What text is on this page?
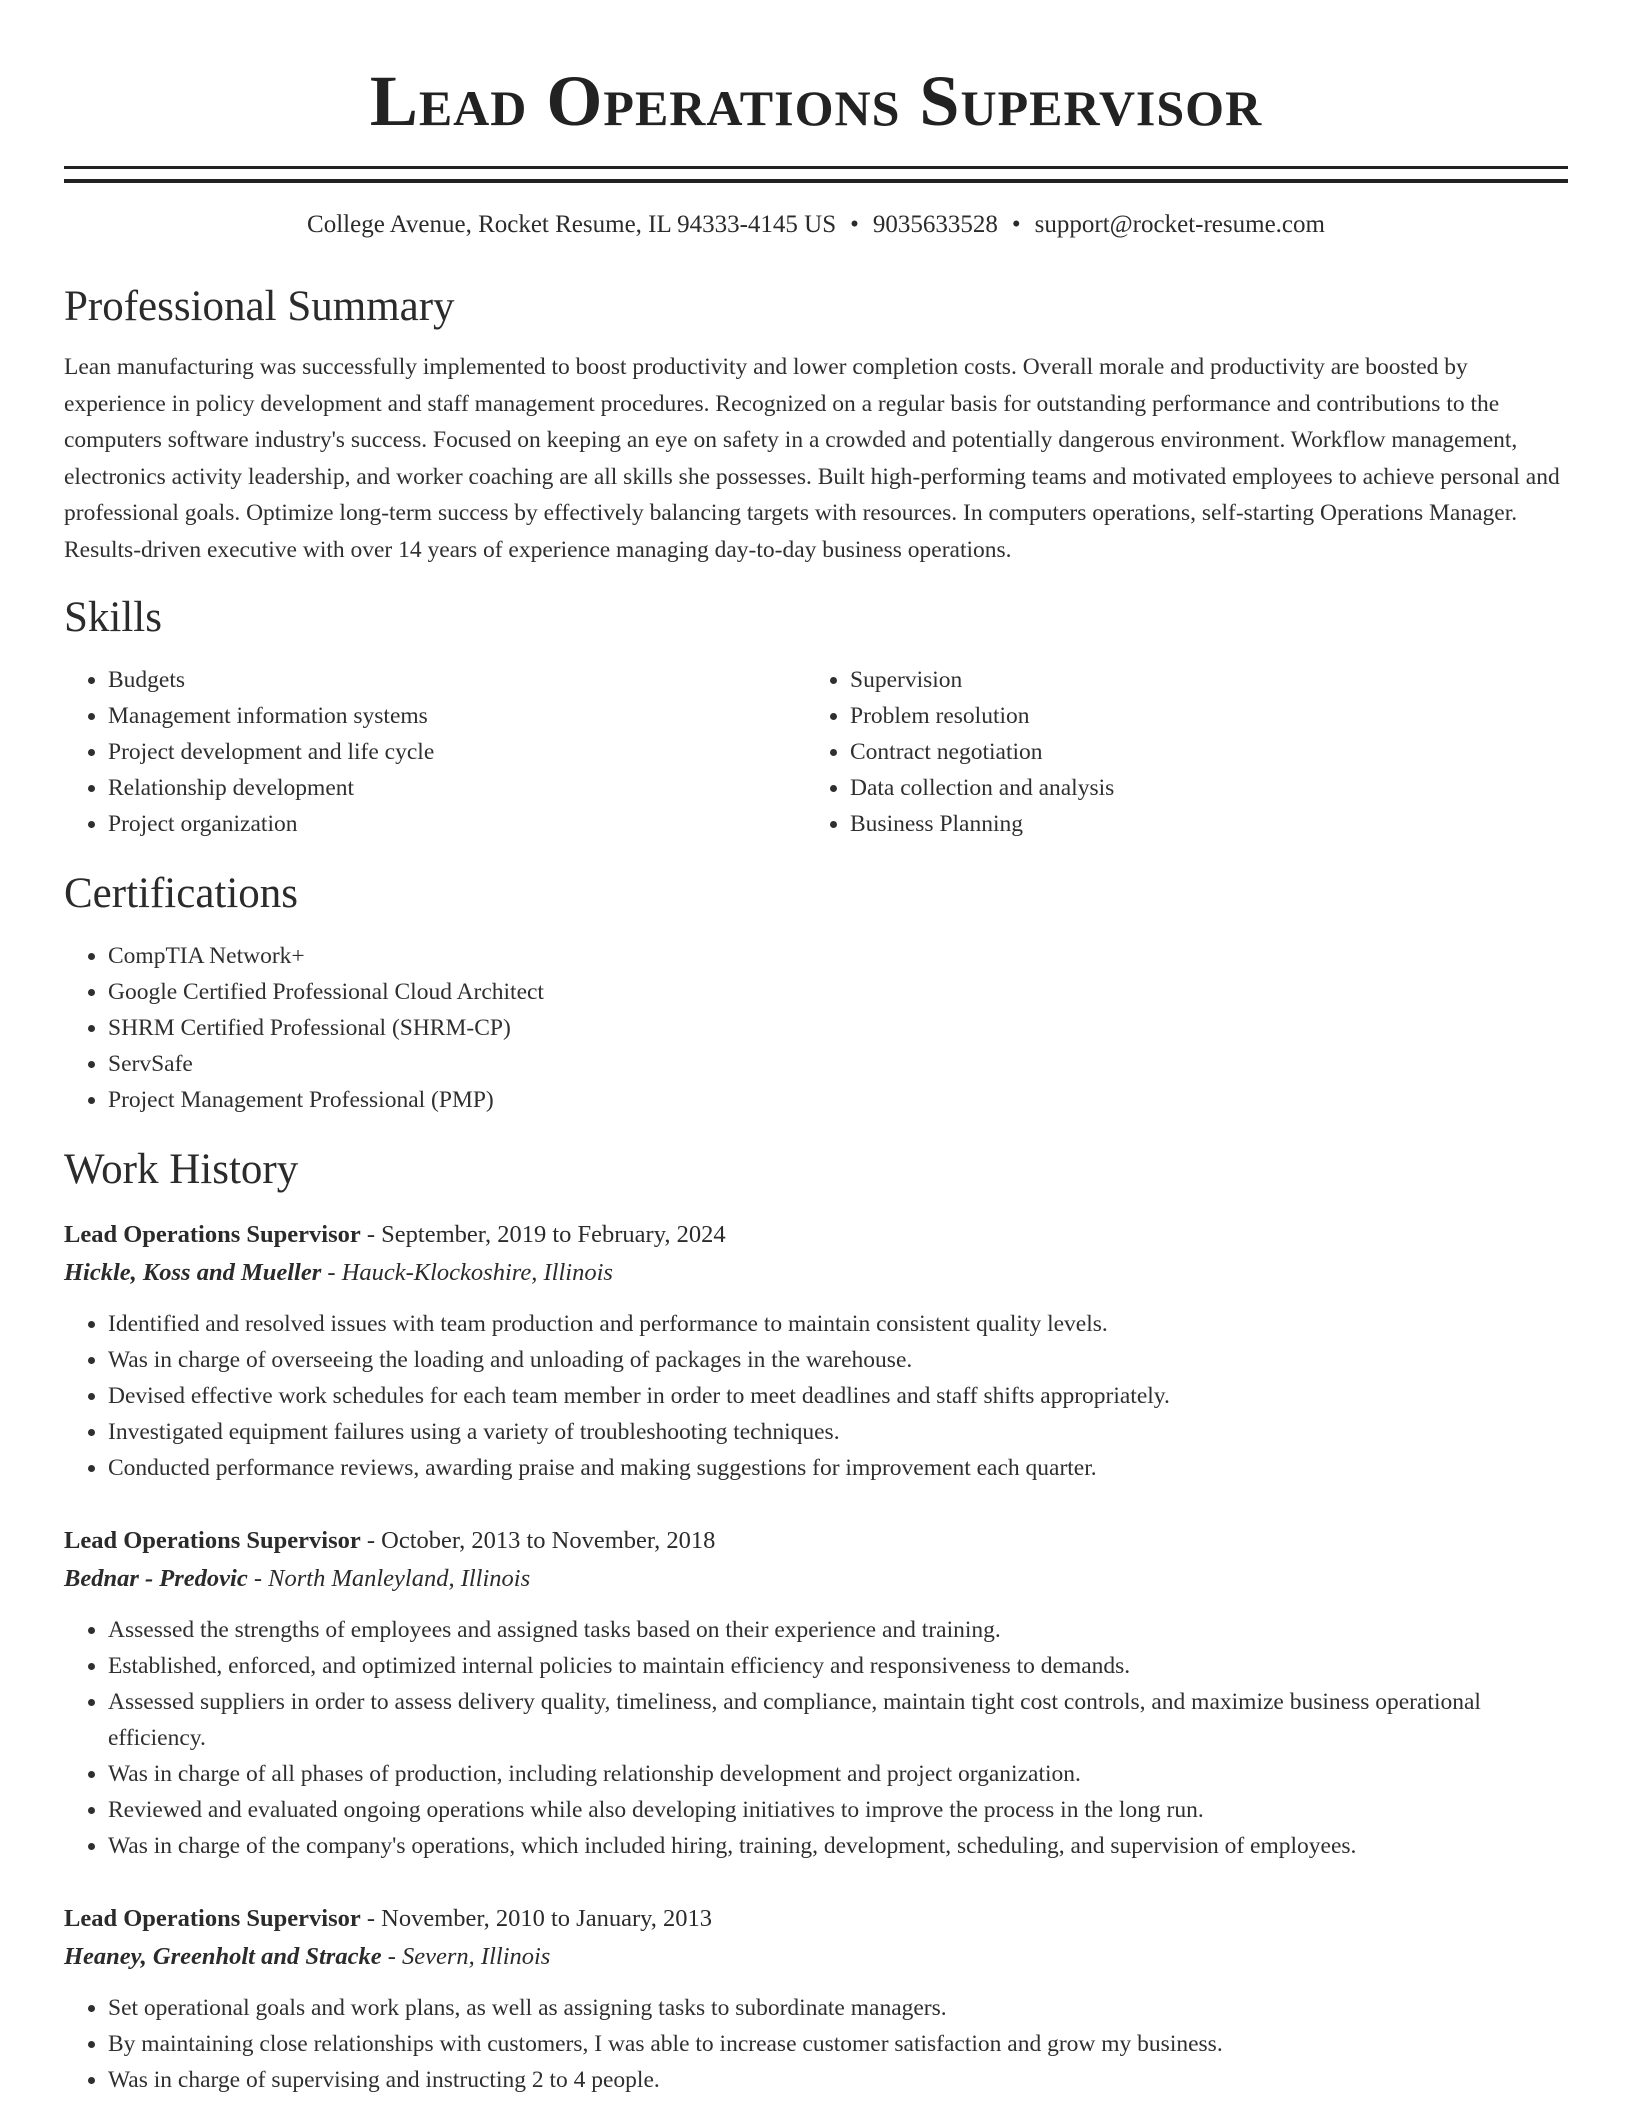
Lead Operations Supervisor
College Avenue, Rocket Resume, IL 94333-4145 US • 9035633528 • support@rocket-resume.com
Professional Summary

Lean manufacturing was successfully implemented to boost productivity and lower completion costs. Overall morale and productivity are boosted by experience in policy development and staff management procedures. Recognized on a regular basis for outstanding performance and contributions to the computers software industry's success. Focused on keeping an eye on safety in a crowded and potentially dangerous environment. Workflow management, electronics activity leadership, and worker coaching are all skills she possesses. Built high-performing teams and motivated employees to achieve personal and professional goals. Optimize long-term success by effectively balancing targets with resources. In computers operations, self-starting Operations Manager. Results-driven executive with over 14 years of experience managing day-to-day business operations.

Skills
• Budgets
• Management information systems
• Project development and life cycle
• Relationship development
• Project organization
• Supervision
• Problem resolution
• Contract negotiation
• Data collection and analysis
• Business Planning
Certifications
• CompTIA Network+
• Google Certified Professional Cloud Architect
• SHRM Certified Professional (SHRM-CP)
• ServSafe
• Project Management Professional (PMP)
Work History
Lead Operations Supervisor - September, 2019 to February, 2024
Hickle, Koss and Mueller - Hauck-Klockoshire, Illinois
• Identified and resolved issues with team production and performance to maintain consistent quality levels.
• Was in charge of overseeing the loading and unloading of packages in the warehouse.
• Devised effective work schedules for each team member in order to meet deadlines and staff shifts appropriately.
• Investigated equipment failures using a variety of troubleshooting techniques.
• Conducted performance reviews, awarding praise and making suggestions for improvement each quarter.
Lead Operations Supervisor - October, 2013 to November, 2018
Bednar - Predovic - North Manleyland, Illinois
• Assessed the strengths of employees and assigned tasks based on their experience and training.
• Established, enforced, and optimized internal policies to maintain efficiency and responsiveness to demands.
• Assessed suppliers in order to assess delivery quality, timeliness, and compliance, maintain tight cost controls, and maximize business operational efficiency.
• Was in charge of all phases of production, including relationship development and project organization.
• Reviewed and evaluated ongoing operations while also developing initiatives to improve the process in the long run.
• Was in charge of the company's operations, which included hiring, training, development, scheduling, and supervision of employees.
Lead Operations Supervisor - November, 2010 to January, 2013
Heaney, Greenholt and Stracke - Severn, Illinois
• Set operational goals and work plans, as well as assigning tasks to subordinate managers.
• By maintaining close relationships with customers, I was able to increase customer satisfaction and grow my business.
• Was in charge of supervising and instructing 2 to 4 people.
